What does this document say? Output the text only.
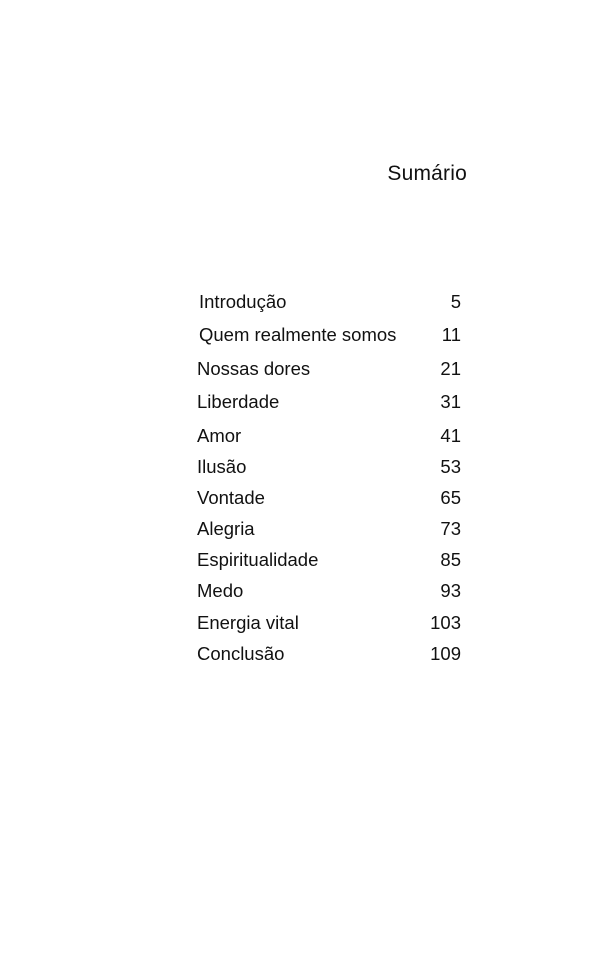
Sumário
Introdução	5
Quem realmente somos 11
Nossas dores	21
Liberdade	31
Amor	41
Ilusão	53
Vontade	65
Alegria	73
Espiritualidade	85
Medo	93
Energia vital	103
Conclusão	109
